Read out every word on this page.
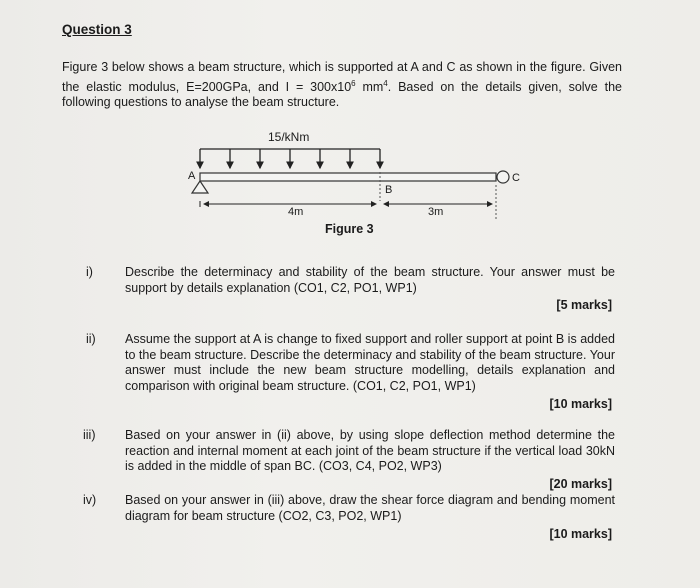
Question 3
Figure 3 below shows a beam structure, which is supported at A and C as shown in the figure. Given the elastic modulus, E=200GPa, and $I = 300x10^6$ $mm^4$. Based on the details given, solve the following questions to analyse the beam structure.
15/kNm
A
B
C
4m	3m
Figure 3
i)	Describe the determinacy and stability of the beam structure. Your answer must be support by details explanation (CO1, C2, PO1, WP1)
[5 marks]
ii) Assume the support at A is change to fixed support and roller support at point B is added to the beam structure. Describe the determinacy and stability of the beam structure. Your answer must include the new beam structure modelling, details explanation and comparison with original beam structure. (CO1, C2, PO1, WP1)
[10 marks]
iii) Based on your answer in (ii) above, by using slope deflection method determine the reaction and internal moment at each joint of the beam structure if the vertical load 30kN is added in the middle of span BC. (CO3, C4, PO2, WP3)
[20 marks]
iv) Based on your answer in (iii) above, draw the shear force diagram and bending moment diagram for beam structure (CO2, C3, PO2, WP1)
[10 marks]
